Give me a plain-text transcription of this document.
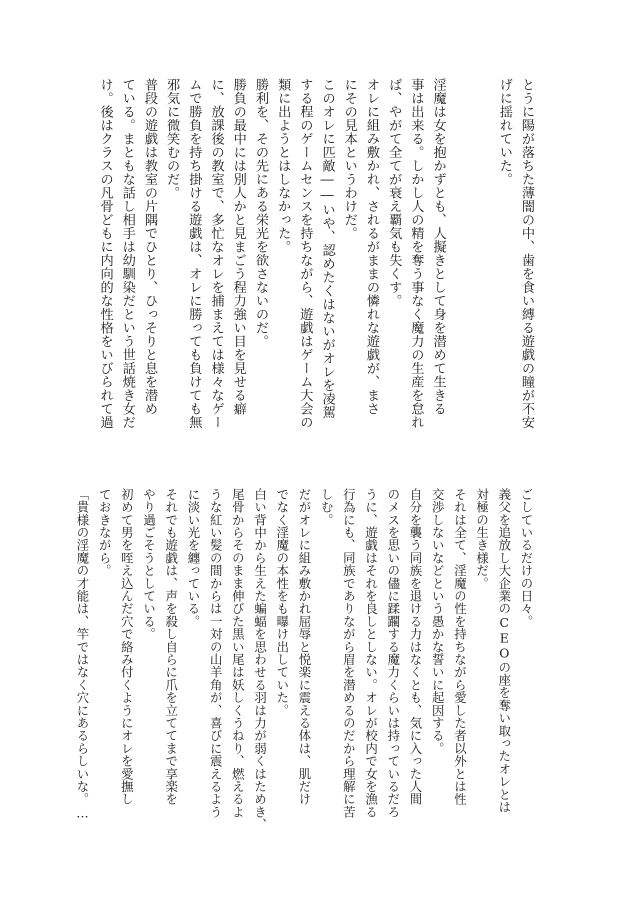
とうに陽が落ちた薄闇の中、歯を食い縛る遊戯の瞳が不安
げに揺れていた。
淫魔は女を抱かずとも、人擬きとして身を潜めて生きる
事は出来る。しかし人の精を奪う事なく魔力の生産を怠れ
ば、やがて全てが衰え覇気も失くす。
オレに組み敷かれ、されるがままの憐れな遊戯が、まさ
にその見本というわけだ。
このオレに匹敵――いや、認めたくはないがオレを凌駕
する程のゲームセンスを持ちながら、遊戯はゲーム大会の
類に出ようとはしなかった。
勝利を、その先にある栄光を欲さないのだ。
勝負の最中には別人かと見まごう程力強い目を見せる癖
に、放課後の教室で、多忙なオレを捕まえては様々なゲー
ムで勝負を持ち掛ける遊戯は、オレに勝っても負けても無
邪気に微笑むのだ。
普段の遊戯は教室の片隅でひとり、ひっそりと息を潜め
ている。まともな話し相手は幼馴染だという世話焼き女だ
け。後はクラスの凡骨どもに内向的な性格をいびられて過
ごしているだけの日々。
義父を追放し大企業のCEOの座を奪い取ったオレとは
対極の生き様だ。
それは全て、淫魔の性を持ちながら愛した者以外とは性
交渉しないなどという愚かな誓いに起因する。
自分を襲う同族を退ける力はなくとも、気に入った人間
のメスを思いの儘に蹂躙する魔力くらいは持っているだろ
うに、遊戯はそれを良しとしない。オレが校内で女を漁る
行為にも、同族でありながら眉を潜めるのだから理解に苦
しむ。
だがオレに組み敷かれ屈辱と悦楽に震える体は、肌だけ
でなく淫魔の本性をも曝け出していた。
白い背中から生えた蝙蝠を思わせる羽は力が弱くはためき、
尾骨からそのまま伸びた黒い尾は妖しくうねり、燃えるよ
うな紅い髪の間からは一対の山羊角が、喜びに震えるよう
に淡い光を纏っている。
それでも遊戯は、声を殺し自らに爪を立ててまで享楽を
やり過ごそうとしている。
初めて男を咥え込んだ穴で絡み付くようにオレを愛撫し
ておきながら。
「貴様の淫魔の才能は、竿ではなく穴にあるらしいな。…
